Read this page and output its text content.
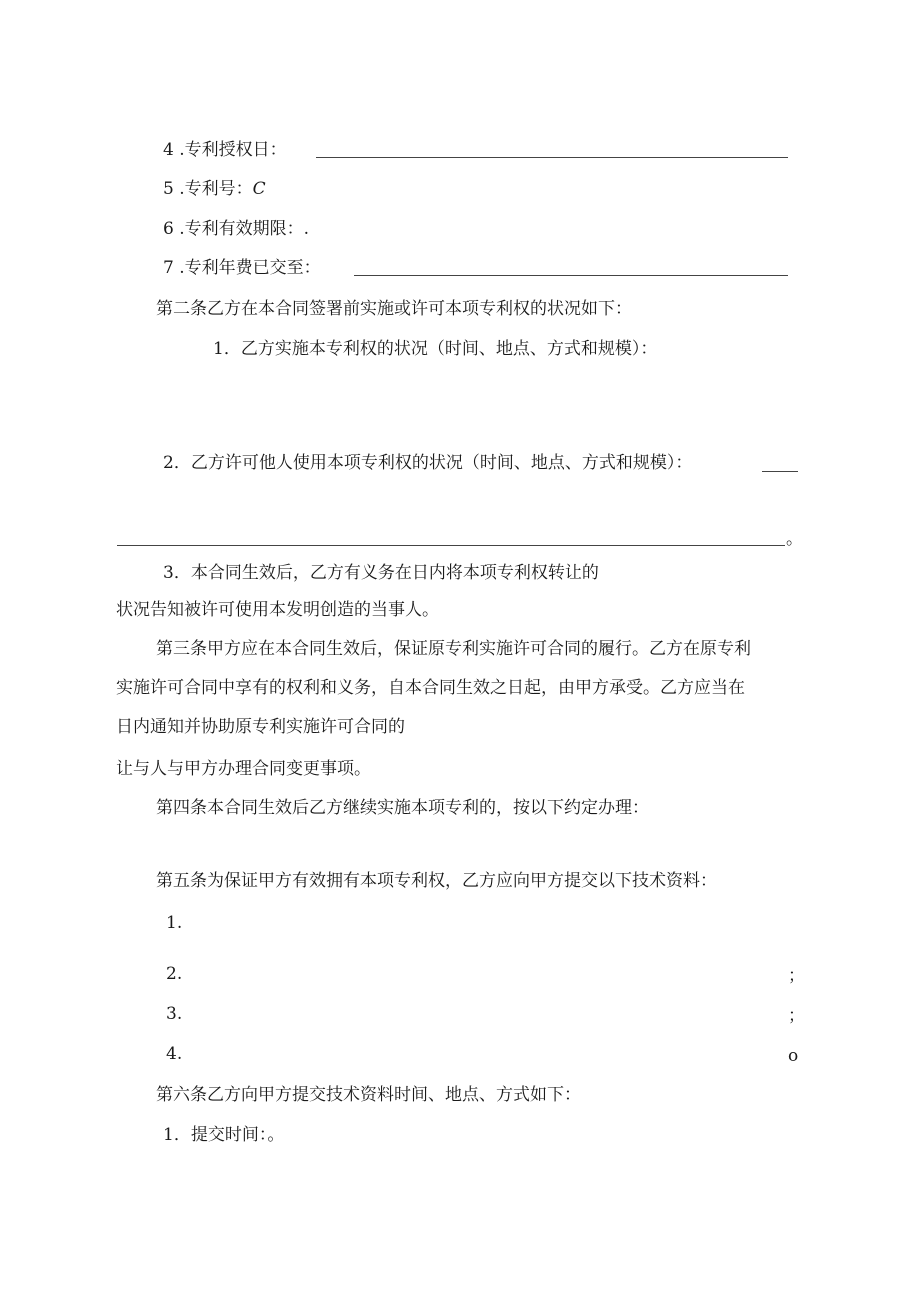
4 .专利授权日：
5 .专利号：C
6 .专利有效期限：.
7 .专利年费已交至：
第二条乙方在本合同签署前实施或许可本项专利权的状况如下：
1．乙方实施本专利权的状况（时间、地点、方式和规模）：
2．乙方许可他人使用本项专利权的状况（时间、地点、方式和规模）：
。
3．本合同生效后，乙方有义务在日内将本项专利权转让的
状况告知被许可使用本发明创造的当事人。
第三条甲方应在本合同生效后，保证原专利实施许可合同的履行。乙方在原专利
实施许可合同中享有的权利和义务，自本合同生效之日起，由甲方承受。乙方应当在
日内通知并协助原专利实施许可合同的
让与人与甲方办理合同变更事项。
第四条本合同生效后乙方继续实施本项专利的，按以下约定办理：
第五条为保证甲方有效拥有本项专利权，乙方应向甲方提交以下技术资料：
1.
2.	；
3.	；
4.	o
第六条乙方向甲方提交技术资料时间、地点、方式如下：
1．提交时间：。
